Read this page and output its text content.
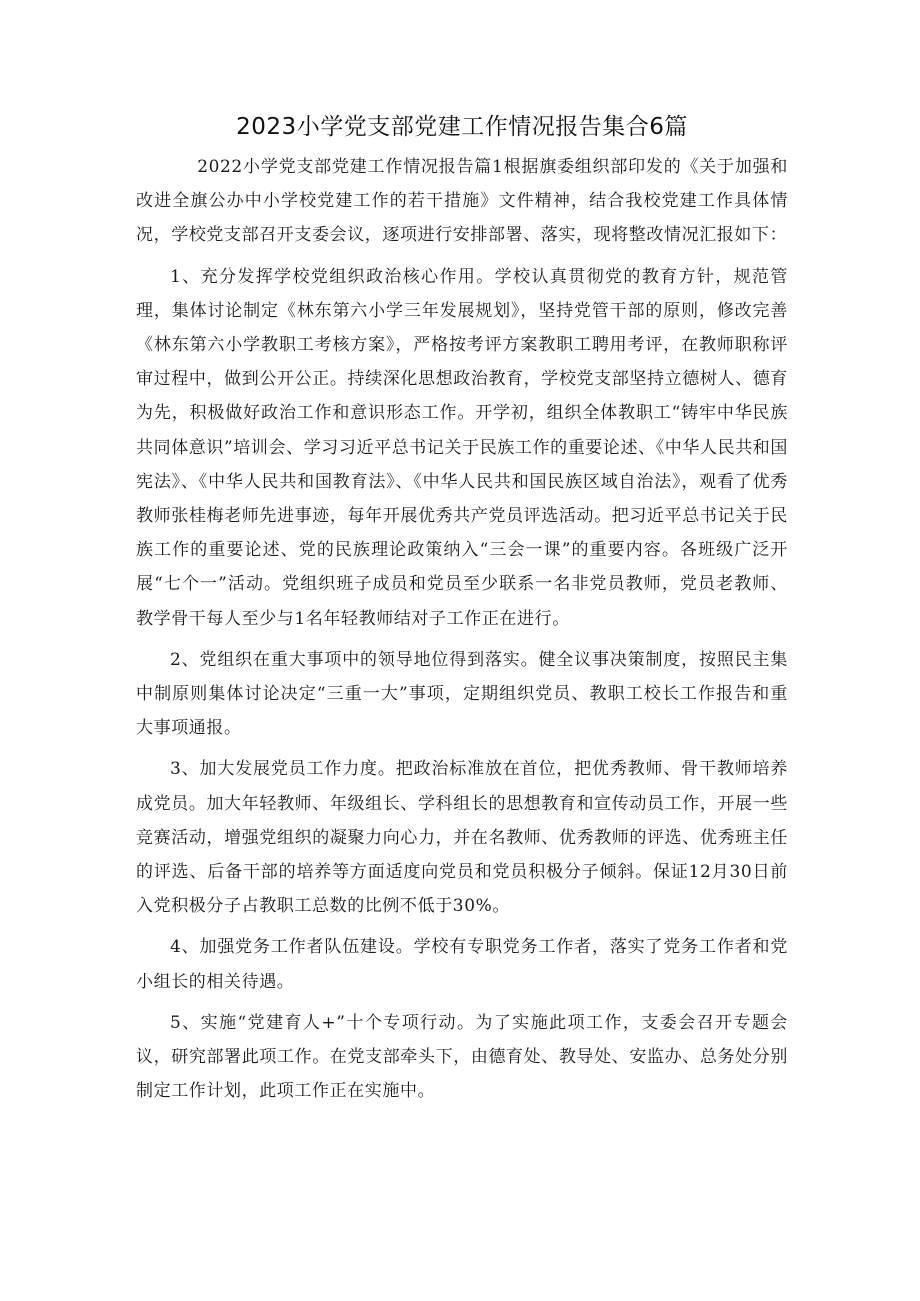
2023小学党支部党建工作情况报告集合6篇

2022小学党支部党建工作情况报告篇1根据旗委组织部印发的《关于加强和改进全旗公办中小学校党建工作的若干措施》文件精神，结合我校党建工作具体情况，学校党支部召开支委会议，逐项进行安排部署、落实，现将整改情况汇报如下：

1、充分发挥学校党组织政治核心作用。学校认真贯彻党的教育方针，规范管理，集体讨论制定《林东第六小学三年发展规划》，坚持党管干部的原则，修改完善《林东第六小学教职工考核方案》，严格按考评方案教职工聘用考评，在教师职称评审过程中，做到公开公正。持续深化思想政治教育，学校党支部坚持立德树人、德育为先，积极做好政治工作和意识形态工作。开学初，组织全体教职工“铸牢中华民族共同体意识”培训会、学习习近平总书记关于民族工作的重要论述、《中华人民共和国宪法》、《中华人民共和国教育法》、《中华人民共和国民族区域自治法》，观看了优秀教师张桂梅老师先进事迹，每年开展优秀共产党员评选活动。把习近平总书记关于民族工作的重要论述、党的民族理论政策纳入“三会一课”的重要内容。各班级广泛开展“七个一”活动。党组织班子成员和党员至少联系一名非党员教师，党员老教师、教学骨干每人至少与1名年轻教师结对子工作正在进行。

2、党组织在重大事项中的领导地位得到落实。健全议事决策制度，按照民主集中制原则集体讨论决定“三重一大”事项，定期组织党员、教职工校长工作报告和重大事项通报。

3、加大发展党员工作力度。把政治标准放在首位，把优秀教师、骨干教师培养成党员。加大年轻教师、年级组长、学科组长的思想教育和宣传动员工作，开展一些竞赛活动，增强党组织的凝聚力向心力，并在名教师、优秀教师的评选、优秀班主任的评选、后备干部的培养等方面适度向党员和党员积极分子倾斜。保证12月30日前入党积极分子占教职工总数的比例不低于30%。

4、加强党务工作者队伍建设。学校有专职党务工作者，落实了党务工作者和党小组长的相关待遇。

5、实施“党建育人+”十个专项行动。为了实施此项工作，支委会召开专题会议，研究部署此项工作。在党支部牵头下，由德育处、教导处、安监办、总务处分别制定工作计划，此项工作正在实施中。
